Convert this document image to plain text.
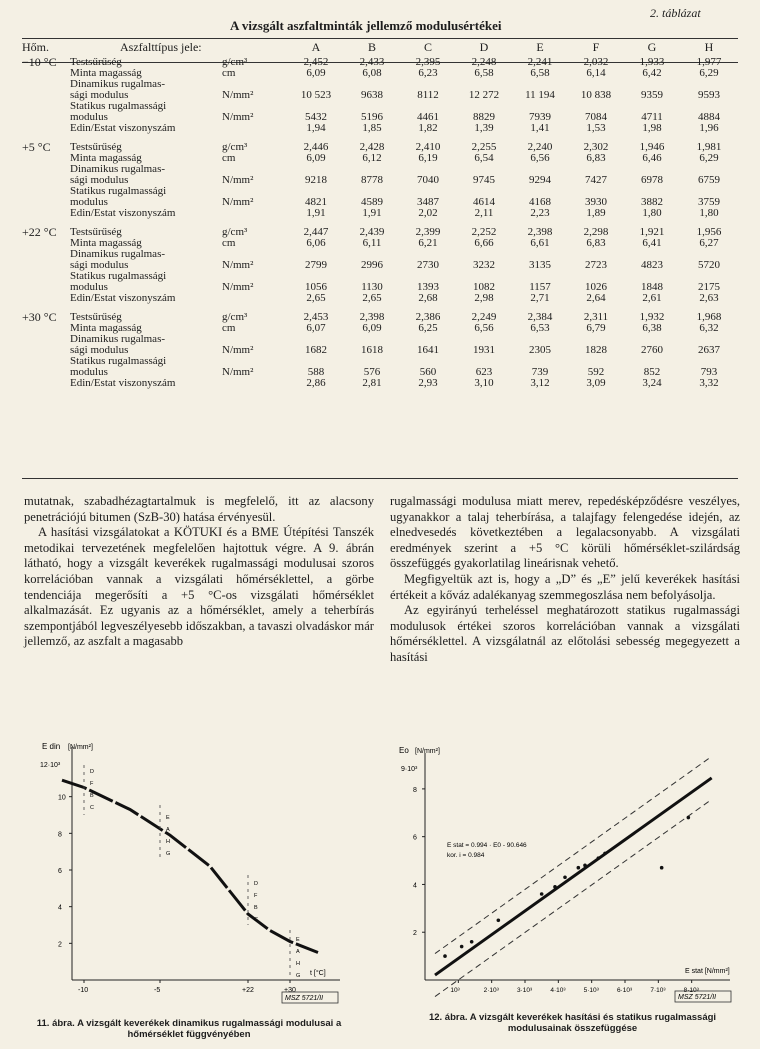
2. táblázat
A vizsgált aszfaltminták jellemző modulusértékei
Hőm.	Aszfalttípus jele:		A	B	C	D	E	F	G	H
−10 °C	Testsűrűség	g/cm³	2,452	2,433	2,395	2,248	2,241	2,032	1,933	1,977
	Minta magasság	cm	6,09	6,08	6,23	6,58	6,58	6,14	6,42	6,29
	Dinamikus rugalmas-									
	sági modulus	N/mm²	10 523	9638	8112	12 272	11 194	10 838	9359	9593
	Statikus rugalmassági									
	modulus	N/mm²	5432	5196	4461	8829	7939	7084	4711	4884
	Edin/Estat viszonyszám		1,94	1,85	1,82	1,39	1,41	1,53	1,98	1,96

+5 °C	Testsűrűség	g/cm³	2,446	2,428	2,410	2,255	2,240	2,302	1,946	1,981
	Minta magasság	cm	6,09	6,12	6,19	6,54	6,56	6,83	6,46	6,29
	Dinamikus rugalmas-									
	sági modulus	N/mm²	9218	8778	7040	9745	9294	7427	6978	6759
	Statikus rugalmassági									
	modulus	N/mm²	4821	4589	3487	4614	4168	3930	3882	3759
	Edin/Estat viszonyszám		1,91	1,91	2,02	2,11	2,23	1,89	1,80	1,80

+22 °C	Testsűrűség	g/cm³	2,447	2,439	2,399	2,252	2,398	2,298	1,921	1,956
	Minta magasság	cm	6,06	6,11	6,21	6,66	6,61	6,83	6,41	6,27
	Dinamikus rugalmas-									
	sági modulus	N/mm²	2799	2996	2730	3232	3135	2723	4823	5720
	Statikus rugalmassági									
	modulus	N/mm²	1056	1130	1393	1082	1157	1026	1848	2175
	Edin/Estat viszonyszám		2,65	2,65	2,68	2,98	2,71	2,64	2,61	2,63

+30 °C	Testsűrűség	g/cm³	2,453	2,398	2,386	2,249	2,384	2,311	1,932	1,968
	Minta magasság	cm	6,07	6,09	6,25	6,56	6,53	6,79	6,38	6,32
	Dinamikus rugalmas-									
	sági modulus	N/mm²	1682	1618	1641	1931	2305	1828	2760	2637
	Statikus rugalmassági									
	modulus	N/mm²	588	576	560	623	739	592	852	793
	Edin/Estat viszonyszám		2,86	2,81	2,93	3,10	3,12	3,09	3,24	3,32

mutatnak, szabadhézagtartalmuk is megfelelő, itt az alacsony penetrációjú bitumen (SzB-30) hatása érvényesül.

A hasítási vizsgálatokat a KÖTUKI és a BME Útépítési Tanszék metodikai tervezetének megfelelően hajtottuk végre. A 9. ábrán látható, hogy a vizsgált keverékek rugalmassági modulusai szoros korrelációban vannak a vizsgálati hőmérséklettel, a görbe tendenciája megerősíti a +5 °C-os vizsgálati hőmérséklet alkalmazását. Ez ugyanis az a hőmérséklet, amely a teherbírás szempontjából legveszélyesebb időszakban, a tavaszi olvadáskor már jellemző, az aszfalt a magasabb

rugalmassági modulusa miatt merev, repedésképződésre veszélyes, ugyanakkor a talaj teherbírása, a talajfagy felengedése idején, az elnedvesedés következtében a legalacsonyabb. A vizsgálati eredmények szerint a +5 °C körüli hőmérséklet-szilárdság összefüggés gyakorlatilag lineárisnak vehető.

Megfigyeltük azt is, hogy a „D” és „E” jelű keverékek hasítási értékeit a kőváz adalékanyag szemmegoszlása nem befolyásolja.

Az egyirányú terheléssel meghatározott statikus rugalmassági modulusok értékei szoros korrelációban vannak a vizsgálati hőmérséklettel. A vizsgálatnál az előtolási sebesség megegyezett a hasítási

E din [N/mm²]
12·10³
10
8
6
4
2
-10	-5	+22	+30
t [°C]
MSZ 5721/II
D
F
B
C
E
A
H
G
D
F
B
C
E
A
H
G
11. ábra. A vizsgált keverékek dinamikus rugalmassági modulusai a hőmérséklet függvényében
Eo [N/mm²]
9·10³
8
6
4
2
10³	2·10³	3·10³	4·10³	5·10³	6·10³	7·10³	8·10³
E stat [N/mm²]
E stat = 0.994 · E0 - 90.646
kor. i = 0.984
MSZ 5721/II
12. ábra. A vizsgált keverékek hasítási és statikus rugalmassági modulusainak összefüggése
